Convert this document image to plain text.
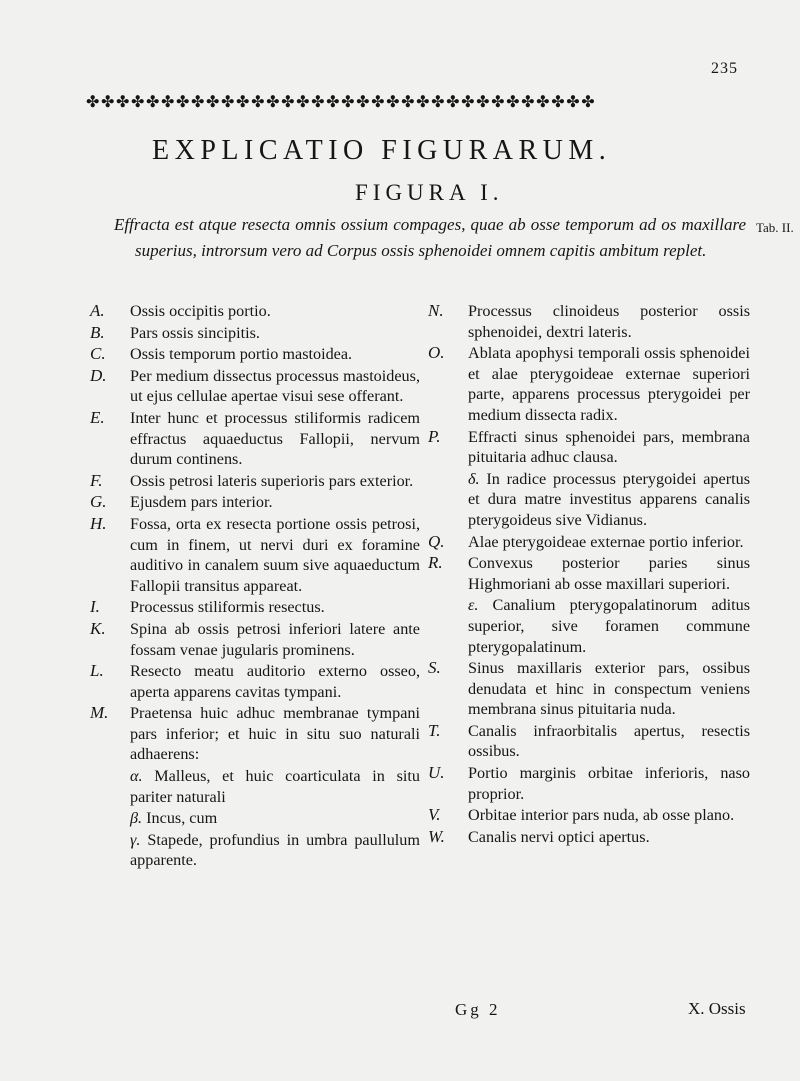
235
✤✤✤✤✤✤✤✤✤✤✤✤✤✤✤✤✤✤✤✤✤✤✤✤✤✤✤✤✤✤✤✤✤✤
EXPLICATIO FIGURARUM.
FIGURA I.
Effracta est atque resecta omnis ossium compages, quae ab osse temporum ad os maxillare superius, introrsum vero ad Corpus ossis sphenoidei omnem capitis ambitum replet.
Tab. II.
A.	Ossis occipitis portio.
B.	Pars ossis sincipitis.
C.	Ossis temporum portio mastoidea.
D.	Per medium dissectus processus mastoideus, ut ejus cellulae apertae visui sese offerant.
E.	Inter hunc et processus stiliformis radicem effractus aquaeductus Fallopii, nervum durum continens.
F.	Ossis petrosi lateris superioris pars exterior.
G.	Ejusdem pars interior.
H.	Fossa, orta ex resecta portione ossis petrosi, cum in finem, ut nervi duri ex foramine auditivo in canalem suum sive aquaeductum Fallopii transitus appareat.
I.	Processus stiliformis resectus.
K.	Spina ab ossis petrosi inferiori latere ante fossam venae jugularis prominens.
L.	Resecto meatu auditorio externo osseo, aperta apparens cavitas tympani.
M.	Praetensa huic adhuc membranae tympani pars inferior; et huic in situ suo naturali adhaerens:
α. Malleus, et huic coarticulata in situ pariter naturali
β. Incus, cum
γ. Stapede, profundius in umbra paullulum apparente.
N.	Processus clinoideus posterior ossis sphenoidei, dextri lateris.
O.	Ablata apophysi temporali ossis sphenoidei et alae pterygoideae externae superiori parte, apparens processus pterygoidei per medium dissecta radix.
P.	Effracti sinus sphenoidei pars, membrana pituitaria adhuc clausa.
δ. In radice processus pterygoidei apertus et dura matre investitus apparens canalis pterygoideus sive Vidianus.
Q.	Alae pterygoideae externae portio inferior.
R.	Convexus posterior paries sinus Highmoriani ab osse maxillari superiori.
ε. Canalium pterygopalatinorum aditus superior, sive foramen commune pterygopalatinum.
S.	Sinus maxillaris exterior pars, ossibus denudata et hinc in conspectum veniens membrana sinus pituitaria nuda.
T.	Canalis infraorbitalis apertus, resectis ossibus.
U.	Portio marginis orbitae inferioris, naso proprior.
V.	Orbitae interior pars nuda, ab osse plano.
W.	Canalis nervi optici apertus.
Gg 2	X. Ossis
